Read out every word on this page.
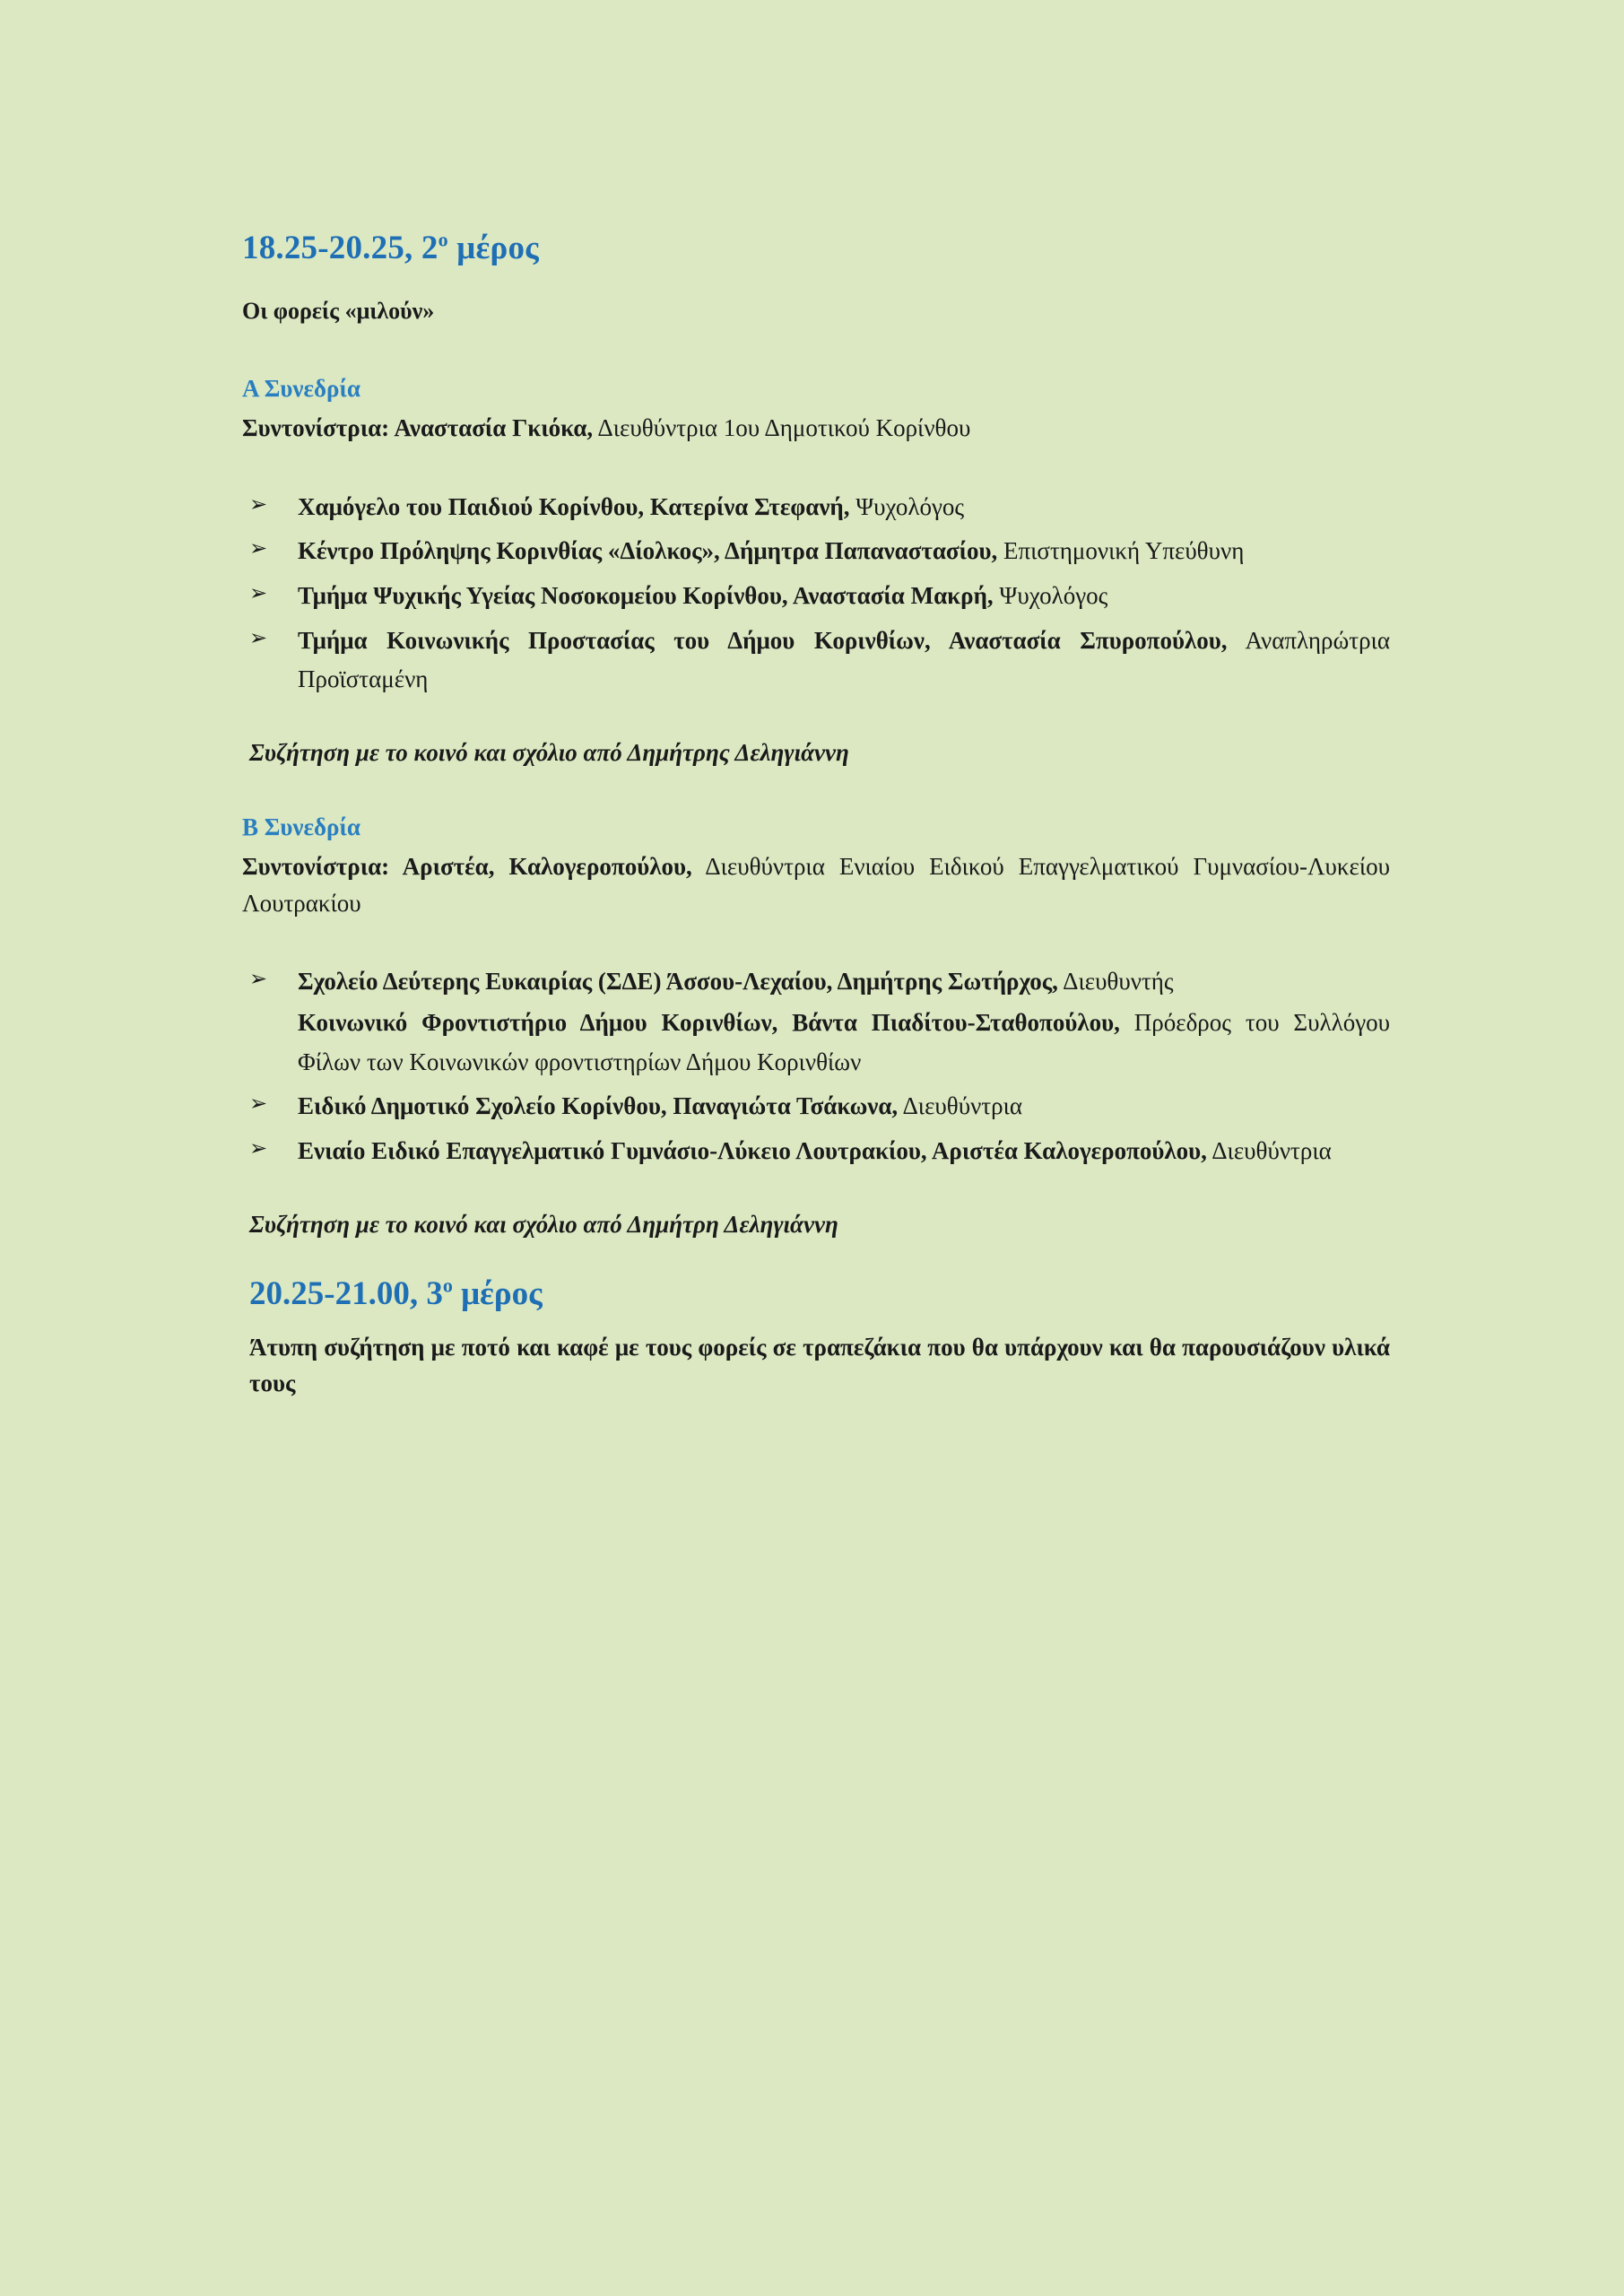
18.25-20.25, 2$^o$ μέρος

Οι φορείς «μιλούν»

Α Συνεδρία

Συντονίστρια: Αναστασία Γκιόκα, Διευθύντρια 1ου Δημοτικού Κορίνθου

➢ Χαμόγελο του Παιδιού Κορίνθου, Κατερίνα Στεφανή, Ψυχολόγος
➢ Κέντρο Πρόληψης Κορινθίας «Δίολκος», Δήμητρα Παπαναστασίου, Επιστημονική Υπεύθυνη
➢ Τμήμα Ψυχικής Υγείας Νοσοκομείου Κορίνθου, Αναστασία Μακρή, Ψυχολόγος
➢ Τμήμα Κοινωνικής Προστασίας του Δήμου Κορινθίων, Αναστασία Σπυροπούλου, Αναπληρώτρια Προϊσταμένη

Συζήτηση με το κοινό και σχόλιο από Δημήτρης Δεληγιάννη

Β Συνεδρία

Συντονίστρια: Αριστέα, Καλογεροπούλου, Διευθύντρια Ενιαίου Ειδικού Επαγγελματικού Γυμνασίου-Λυκείου Λουτρακίου

➢ Σχολείο Δεύτερης Ευκαιρίας (ΣΔΕ) Άσσου-Λεχαίου, Δημήτρης Σωτήρχος, Διευθυντής
Κοινωνικό Φροντιστήριο Δήμου Κορινθίων, Βάντα Πιαδίτου-Σταθοπούλου, Πρόεδρος του Συλλόγου Φίλων των Κοινωνικών φροντιστηρίων Δήμου Κορινθίων
➢ Ειδικό Δημοτικό Σχολείο Κορίνθου, Παναγιώτα Τσάκωνα, Διευθύντρια
➢ Ενιαίο Ειδικό Επαγγελματικό Γυμνάσιο-Λύκειο Λουτρακίου, Αριστέα Καλογεροπούλου, Διευθύντρια

Συζήτηση με το κοινό και σχόλιο από Δημήτρη Δεληγιάννη

20.25-21.00, 3$^o$ μέρος

Άτυπη συζήτηση με ποτό και καφέ με τους φορείς σε τραπεζάκια που θα υπάρχουν και θα παρουσιάζουν υλικά τους
